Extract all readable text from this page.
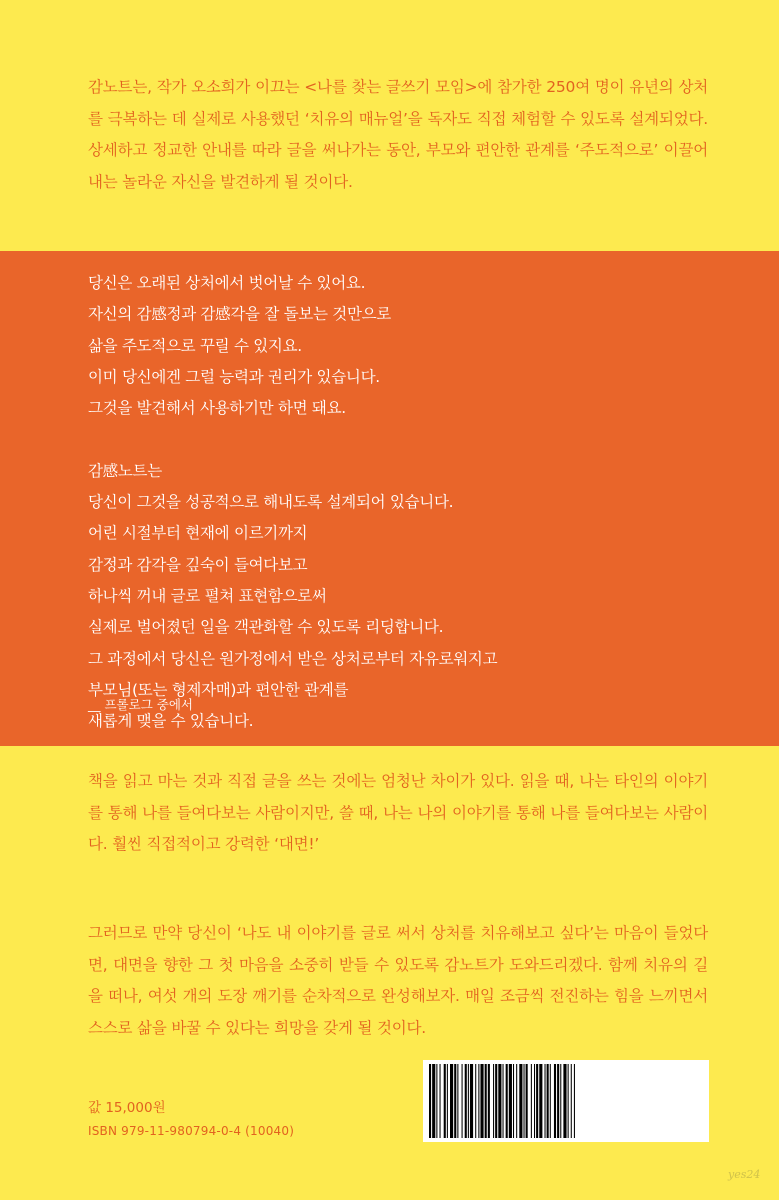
감노트는, 작가 오소희가 이끄는 <나를 찾는 글쓰기 모임>에 참가한 250여 명이 유년의 상처를 극복하는 데 실제로 사용했던 ‘치유의 매뉴얼’을 독자도 직접 체험할 수 있도록 설계되었다. 상세하고 정교한 안내를 따라 글을 써나가는 동안, 부모와 편안한 관계를 ‘주도적으로’ 이끌어내는 놀라운 자신을 발견하게 될 것이다.

당신은 오래된 상처에서 벗어날 수 있어요.
자신의 감感정과 감感각을 잘 돌보는 것만으로
삶을 주도적으로 꾸릴 수 있지요.
이미 당신에겐 그럴 능력과 권리가 있습니다.
그것을 발견해서 사용하기만 하면 돼요.
감感노트는
당신이 그것을 성공적으로 해내도록 설계되어 있습니다.
어린 시절부터 현재에 이르기까지
감정과 감각을 깊숙이 들여다보고
하나씩 꺼내 글로 펼쳐 표현함으로써
실제로 벌어졌던 일을 객관화할 수 있도록 리딩합니다.
그 과정에서 당신은 원가정에서 받은 상처로부터 자유로워지고
부모님(또는 형제자매)과 편안한 관계를
새롭게 맺을 수 있습니다.
__ 프롤로그 중에서

책을 읽고 마는 것과 직접 글을 쓰는 것에는 엄청난 차이가 있다. 읽을 때, 나는 타인의 이야기를 통해 나를 들여다보는 사람이지만, 쓸 때, 나는 나의 이야기를 통해 나를 들여다보는 사람이다. 훨씬 직접적이고 강력한 ‘대면!’

그러므로 만약 당신이 ‘나도 내 이야기를 글로 써서 상처를 치유해보고 싶다’는 마음이 들었다면, 대면을 향한 그 첫 마음을 소중히 받들 수 있도록 감노트가 도와드리겠다. 함께 치유의 길을 떠나, 여섯 개의 도장 깨기를 순차적으로 완성해보자. 매일 조금씩 전진하는 힘을 느끼면서 스스로 삶을 바꿀 수 있다는 희망을 갖게 될 것이다.

값 15,000원
ISBN 979-11-980794-0-4 (10040)
yes24
